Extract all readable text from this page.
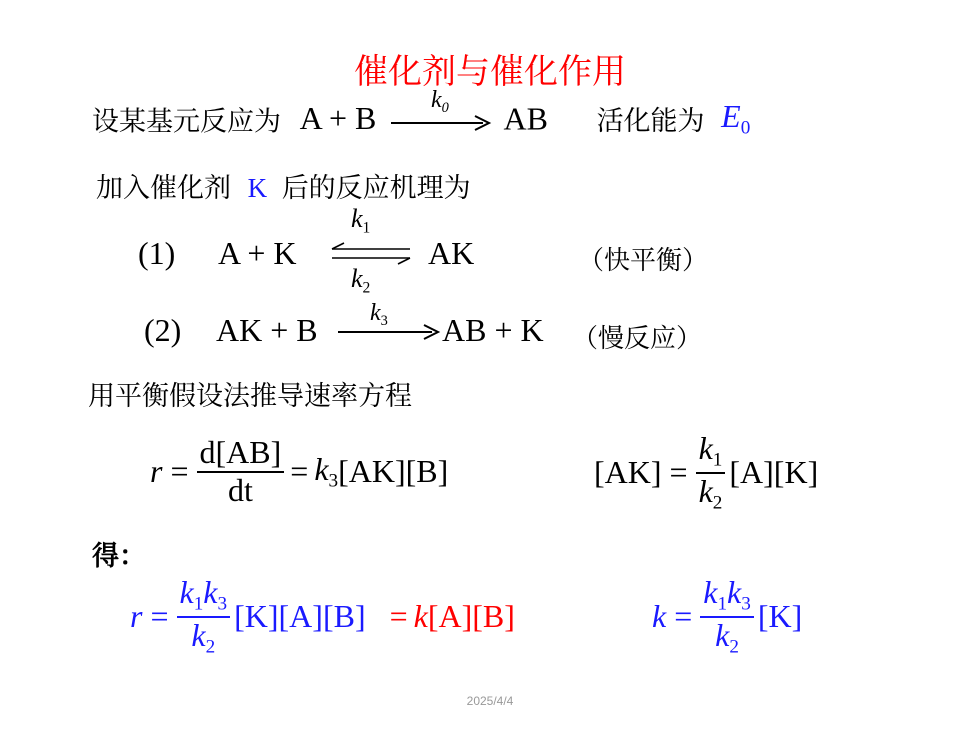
催化剂与催化作用
设某基元反应为 A + B
$k_0$ AB 活化能为 $E_0$
加入催化剂 K 后的反应机理为
(1) A + K
$k_1$
$k_2$
AK	（快平衡）
(2) AK + B $k_3$ AB + K （慢反应）
用平衡假设法推导速率方程
$r = \frac{d[AB]}{dt} = k_3$ [AK][B]	$[AK] = \frac{k_1}{k_2} [A][K]$
得：
$r = \frac{k_1k_3}{k_2} [K][A][B] = k$ [A][B]	$k = \frac{k_1k_3}{k_2} [K]$
2025/4/4
